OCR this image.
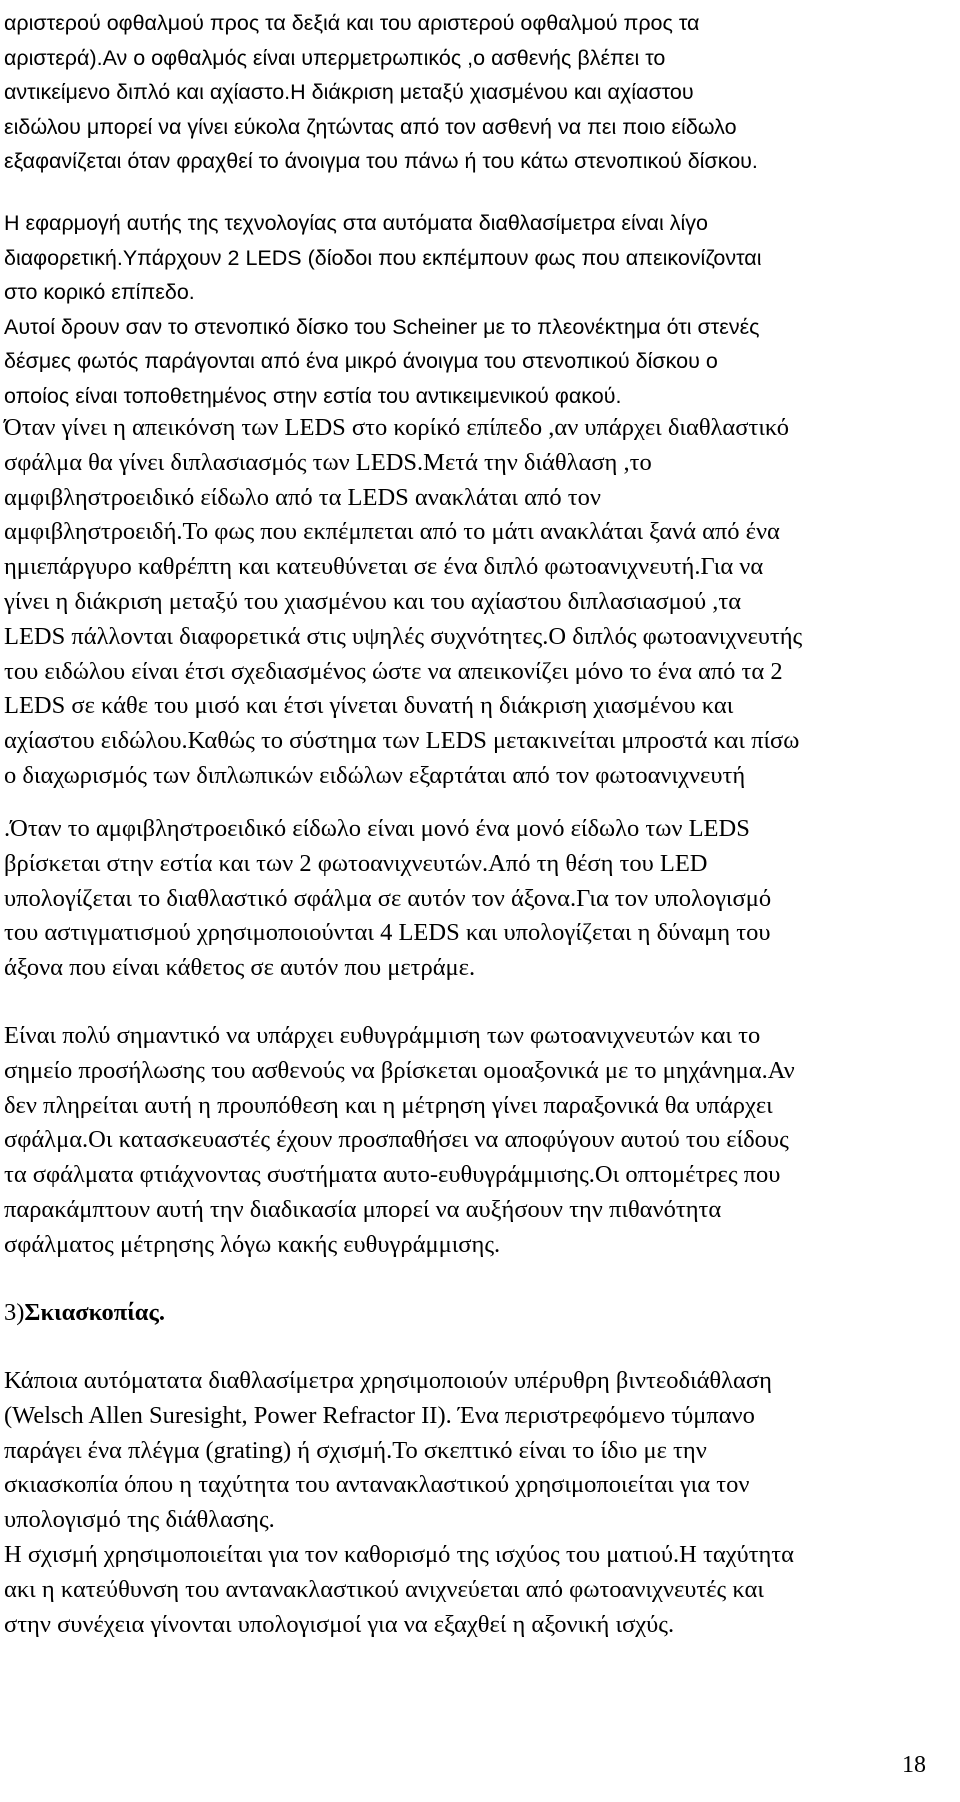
αριστερού οφθαλμού προς τα δεξιά και του αριστερού οφθαλμού προς τα
αριστερά).Αν ο οφθαλμός είναι υπερμετρωπικός ,ο ασθενής βλέπει το
αντικείμενο διπλό και αχίαστο.Η διάκριση μεταξύ χιασμένου και αχίαστου
ειδώλου μπορεί να γίνει εύκολα ζητώντας από τον ασθενή να πει ποιο είδωλο
εξαφανίζεται όταν φραχθεί το άνοιγμα του πάνω ή του κάτω στενοπικού δίσκου.
Η εφαρμογή αυτής της τεχνολογίας στα αυτόματα διαθλασίμετρα είναι λίγο
διαφορετική.Υπάρχουν 2 LEDS (δίοδοι που εκπέμπουν φως που απεικονίζονται
στο κορικό επίπεδο.
Αυτοί δρουν σαν το στενοπικό δίσκο του Scheiner με το πλεονέκτημα ότι στενές
δέσμες φωτός παράγονται από ένα μικρό άνοιγμα του στενοπικού δίσκου ο
οποίος είναι τοποθετημένος στην εστία του αντικειμενικού φακού.
Όταν γίνει η απεικόνση των LEDS στο κορίκό επίπεδο ,αν υπάρχει διαθλαστικό
σφάλμα θα γίνει διπλασιασμός των LEDS.Μετά την διάθλαση ,το
αμφιβληστροειδικό είδωλο από τα LEDS ανακλάται από τον
αμφιβληστροειδή.Το φως που εκπέμπεται από το μάτι ανακλάται ξανά από ένα
ημιεπάργυρο καθρέπτη και κατευθύνεται σε ένα διπλό φωτοανιχνευτή.Για να
γίνει η διάκριση μεταξύ του χιασμένου και του αχίαστου διπλασιασμού ,τα
LEDS πάλλονται διαφορετικά στις υψηλές συχνότητες.Ο διπλός φωτοανιχνευτής
του ειδώλου είναι έτσι σχεδιασμένος ώστε να απεικονίζει μόνο το ένα από τα 2
LEDS σε κάθε του μισό και έτσι γίνεται δυνατή η διάκριση χιασμένου και
αχίαστου ειδώλου.Καθώς το σύστημα των LEDS μετακινείται μπροστά και πίσω
ο διαχωρισμός των διπλωπικών ειδώλων εξαρτάται από τον φωτοανιχνευτή
.Όταν το αμφιβληστροειδικό είδωλο είναι μονό ένα μονό είδωλο των LEDS
βρίσκεται στην εστία και των 2 φωτοανιχνευτών.Από τη θέση του LED
υπολογίζεται το διαθλαστικό σφάλμα σε αυτόν τον άξονα.Για τον υπολογισμό
του αστιγματισμού χρησιμοποιούνται 4 LEDS και υπολογίζεται η δύναμη του
άξονα που είναι κάθετος σε αυτόν που μετράμε.
Είναι πολύ σημαντικό να υπάρχει ευθυγράμμιση των φωτοανιχνευτών και το
σημείο προσήλωσης του ασθενούς να βρίσκεται ομοαξονικά με το μηχάνημα.Αν
δεν πληρείται αυτή η προυπόθεση και η μέτρηση γίνει παραξονικά θα υπάρχει
σφάλμα.Οι κατασκευαστές έχουν προσπαθήσει να αποφύγουν αυτού του είδους
τα σφάλματα φτιάχνοντας συστήματα αυτο-ευθυγράμμισης.Οι οπτομέτρες που
παρακάμπτουν αυτή την διαδικασία μπορεί να αυξήσουν την πιθανότητα
σφάλματος μέτρησης λόγω κακής ευθυγράμμισης.
3)Σκιασκοπίας.
Κάποια αυτόματατα διαθλασίμετρα χρησιμοποιούν υπέρυθρη βιντεοδιάθλαση
(Welsch Allen Suresight, Power Refractor II). Ένα περιστρεφόμενο τύμπανο
παράγει ένα πλέγμα (grating) ή σχισμή.Το σκεπτικό είναι το ίδιο με την
σκιασκοπία όπου η ταχύτητα του αντανακλαστικού χρησιμοποιείται για τον
υπολογισμό της διάθλασης.
Η σχισμή χρησιμοποιείται για τον καθορισμό της ισχύος του ματιού.Η ταχύτητα
ακι η κατεύθυνση του αντανακλαστικού ανιχνεύεται από φωτοανιχνευτές και
στην συνέχεια γίνονται υπολογισμοί για να εξαχθεί η αξονική ισχύς.
18
